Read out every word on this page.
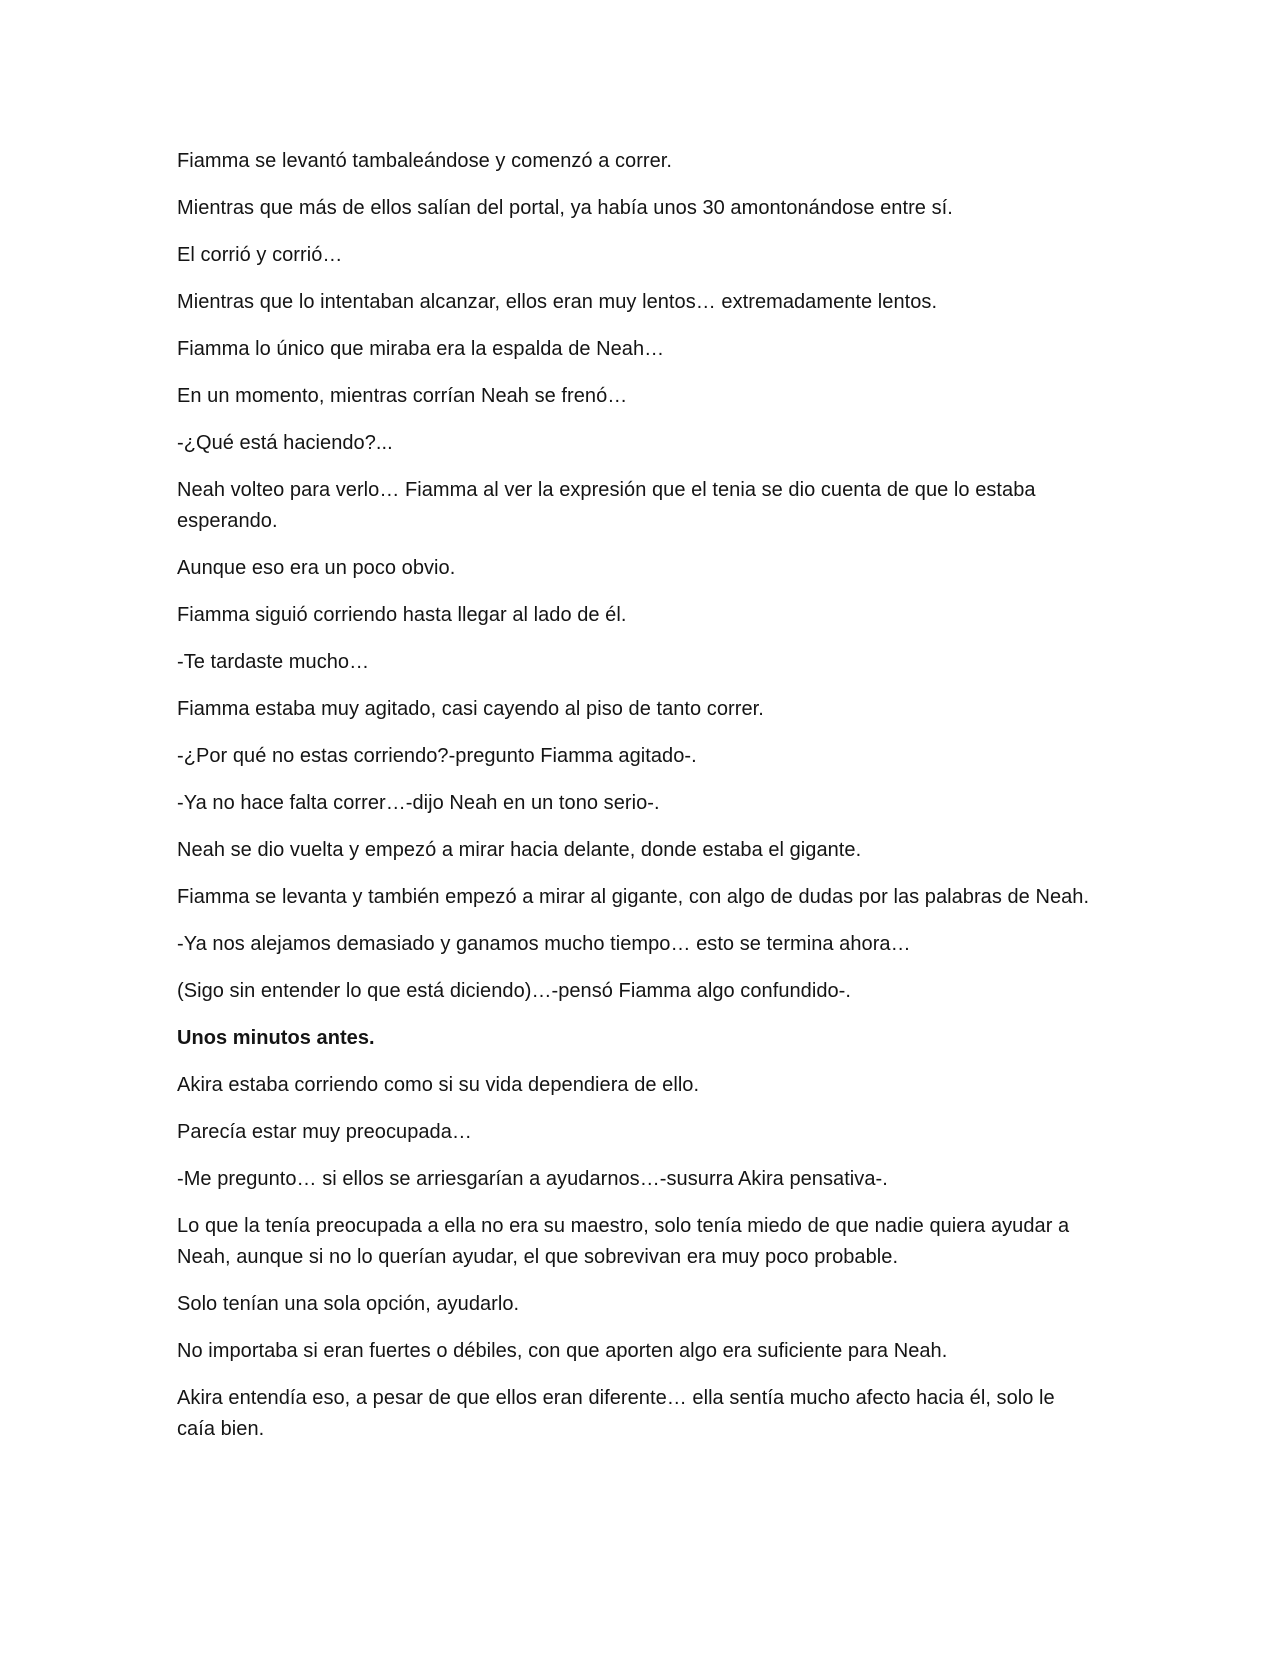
Fiamma se levantó tambaleándose y comenzó a correr.

Mientras que más de ellos salían del portal, ya había unos 30 amontonándose entre sí.

El corrió y corrió…

Mientras que lo intentaban alcanzar, ellos eran muy lentos… extremadamente lentos.

Fiamma lo único que miraba era la espalda de Neah…

En un momento, mientras corrían Neah se frenó…

-¿Qué está haciendo?...

Neah volteo para verlo… Fiamma al ver la expresión que el tenia se dio cuenta de que lo estaba esperando.

Aunque eso era un poco obvio.

Fiamma siguió corriendo hasta llegar al lado de él.

-Te tardaste mucho…

Fiamma estaba muy agitado, casi cayendo al piso de tanto correr.

-¿Por qué no estas corriendo?-pregunto Fiamma agitado-.

-Ya no hace falta correr…-dijo Neah en un tono serio-.

Neah se dio vuelta y empezó a mirar hacia delante, donde estaba el gigante.

Fiamma se levanta y también empezó a mirar al gigante, con algo de dudas por las palabras de Neah.

-Ya nos alejamos demasiado y ganamos mucho tiempo… esto se termina ahora…

(Sigo sin entender lo que está diciendo)…-pensó Fiamma algo confundido-.

Unos minutos antes.

Akira estaba corriendo como si su vida dependiera de ello.

Parecía estar muy preocupada…

-Me pregunto… si ellos se arriesgarían a ayudarnos…-susurra Akira pensativa-.

Lo que la tenía preocupada a ella no era su maestro, solo tenía miedo de que nadie quiera ayudar a Neah, aunque si no lo querían ayudar, el que sobrevivan era muy poco probable.

Solo tenían una sola opción, ayudarlo.

No importaba si eran fuertes o débiles, con que aporten algo era suficiente para Neah.

Akira entendía eso, a pesar de que ellos eran diferente… ella sentía mucho afecto hacia él, solo le caía bien.
